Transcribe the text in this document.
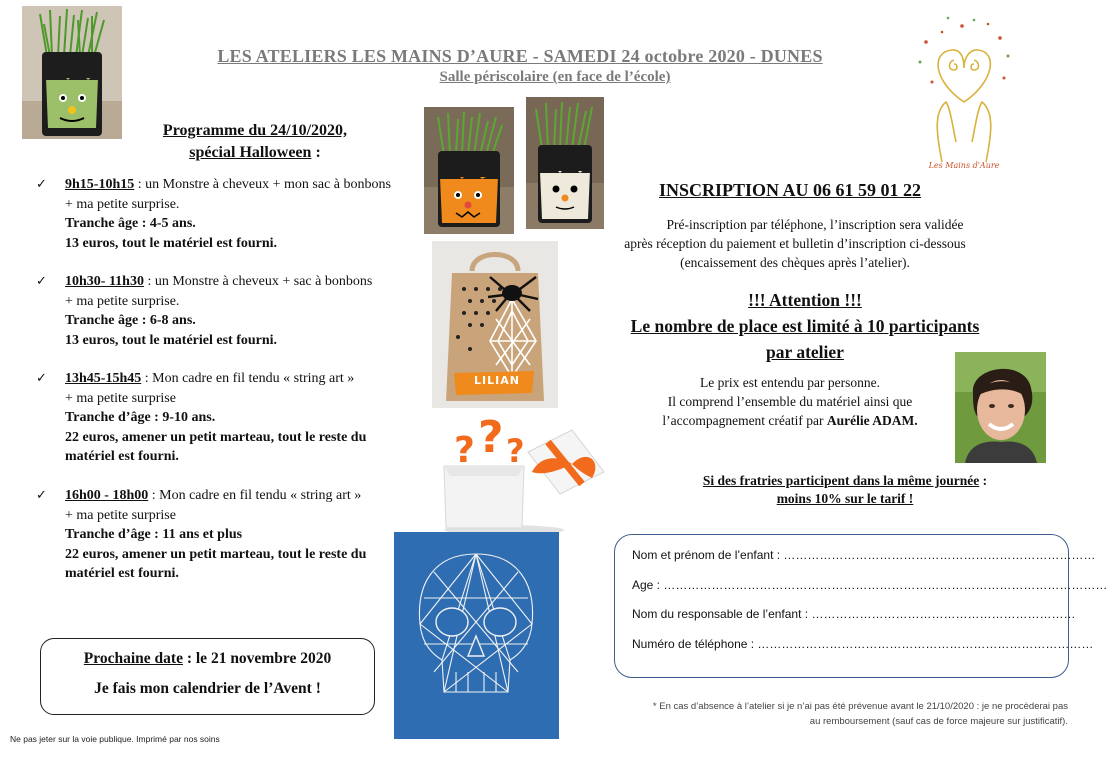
LES ATELIERS LES MAINS D’AURE - SAMEDI 24 octobre 2020 - DUNES
Salle périscolaire (en face de l’école)
Les Mains d'Aure
Programme du 24/10/2020,
spécial Halloween :
✓ 9h15-10h15 : un Monstre à cheveux + mon sac à bonbons
+ ma petite surprise.
Tranche âge : 4-5 ans.
13 euros, tout le matériel est fourni.
✓ 10h30- 11h30 : un Monstre à cheveux + sac à bonbons
+ ma petite surprise.
Tranche âge : 6-8 ans.
13 euros, tout le matériel est fourni.
✓ 13h45-15h45 : Mon cadre en fil tendu « string art »
+ ma petite surprise
Tranche d’âge : 9-10 ans.
22 euros, amener un petit marteau, tout le reste du
matériel est fourni.
✓ 16h00 - 18h00 : Mon cadre en fil tendu « string art »
+ ma petite surprise
Tranche d’âge : 11 ans et plus
22 euros, amener un petit marteau, tout le reste du
matériel est fourni.
LILIAN
? ? ?
INSCRIPTION AU 06 61 59 01 22
Pré-inscription par téléphone, l’inscription sera validée
après réception du paiement et bulletin d’inscription ci-dessous
(encaissement des chèques après l’atelier).
!!! Attention !!!
Le nombre de place est limité à 10 participants
par atelier
Le prix est entendu par personne.
Il comprend l’ensemble du matériel ainsi que
l’accompagnement créatif par Aurélie ADAM.
Si des fratries participent dans la même journée :
moins 10% sur le tarif !
Nom et prénom de l’enfant : ……………………………………………………………………
Age : …………………………………………………………………………………………………
Nom du responsable de l’enfant : …………………………………………………………
Numéro de téléphone : …………………………………………………………………………
* En cas d’absence à l’atelier si je n’ai pas été prévenue avant le 21/10/2020 : je ne procèderai pas
au remboursement (sauf cas de force majeure sur justificatif).
Prochaine date : le 21 novembre 2020
Je fais mon calendrier de l’Avent !
Ne pas jeter sur la voie publique. Imprimé par nos soins
